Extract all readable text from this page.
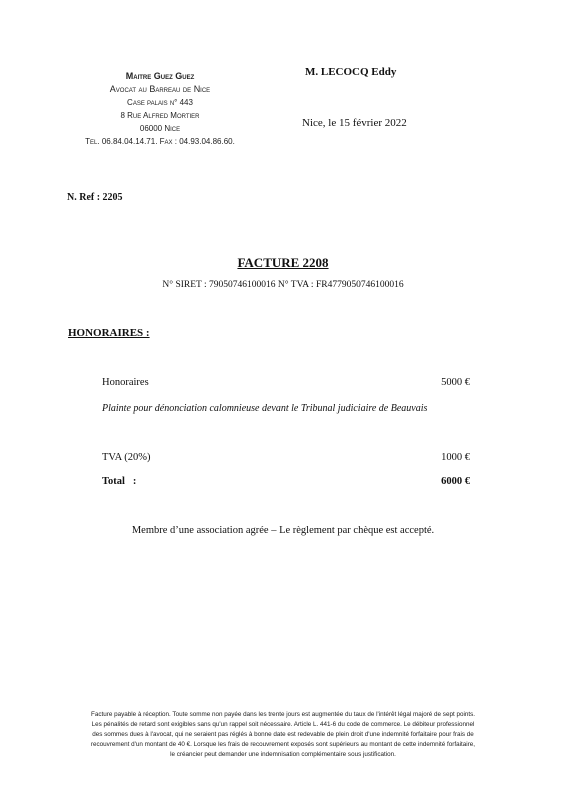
Maitre Guez Guez
Avocat au Barreau de Nice
Case palais n° 443
8 Rue Alfred Mortier
06000 Nice
Tel. 06.84.04.14.71. Fax : 04.93.04.86.60.
M. LECOCQ Eddy
Nice, le 15 février 2022
N. Ref : 2205
FACTURE 2208
N° SIRET : 79050746100016 N° TVA : FR4779050746100016
HONORAIRES :
Honoraires	5000 €
Plainte pour dénonciation calomnieuse devant le Tribunal judiciaire de Beauvais
TVA (20%)	1000 €
Total   :	6000 €
Membre d’une association agrée – Le règlement par chèque est accepté.
Facture payable à réception. Toute somme non payée dans les trente jours est augmentée du taux de l'intérêt légal majoré de sept points.
Les pénalités de retard sont exigibles sans qu'un rappel soit nécessaire. Article L. 441-6 du code de commerce. Le débiteur professionnel
des sommes dues à l'avocat, qui ne seraient pas réglés à bonne date est redevable de plein droit d'une indemnité forfaitaire pour frais de
recouvrement d'un montant de 40 €. Lorsque les frais de recouvrement exposés sont supérieurs au montant de cette indemnité forfaitaire,
le créancier peut demander une indemnisation complémentaire sous justification.
